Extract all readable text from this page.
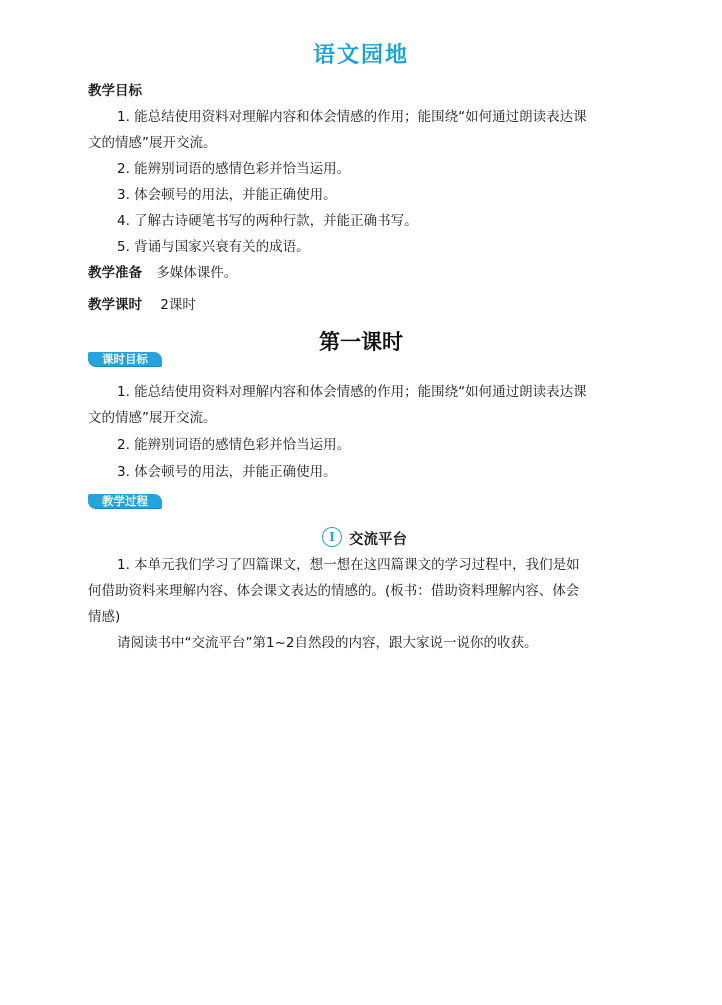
语文园地
教学目标
1. 能总结使用资料对理解内容和体会情感的作用；能围绕“如何通过朗读表达课
文的情感”展开交流。
2. 能辨别词语的感情色彩并恰当运用。
3. 体会顿号的用法，并能正确使用。
4. 了解古诗硬笔书写的两种行款，并能正确书写。
5. 背诵与国家兴衰有关的成语。
教学准备 多媒体课件。
教学课时 2课时
第一课时
课时目标
1. 能总结使用资料对理解内容和体会情感的作用；能围绕“如何通过朗读表达课
文的情感”展开交流。
2. 能辨别词语的感情色彩并恰当运用。
3. 体会顿号的用法，并能正确使用。
教学过程
I 交流平台
1. 本单元我们学习了四篇课文，想一想在这四篇课文的学习过程中，我们是如
何借助资料来理解内容、体会课文表达的情感的。(板书：借助资料理解内容、体会
情感)
请阅读书中“交流平台”第1~2自然段的内容，跟大家说一说你的收获。
